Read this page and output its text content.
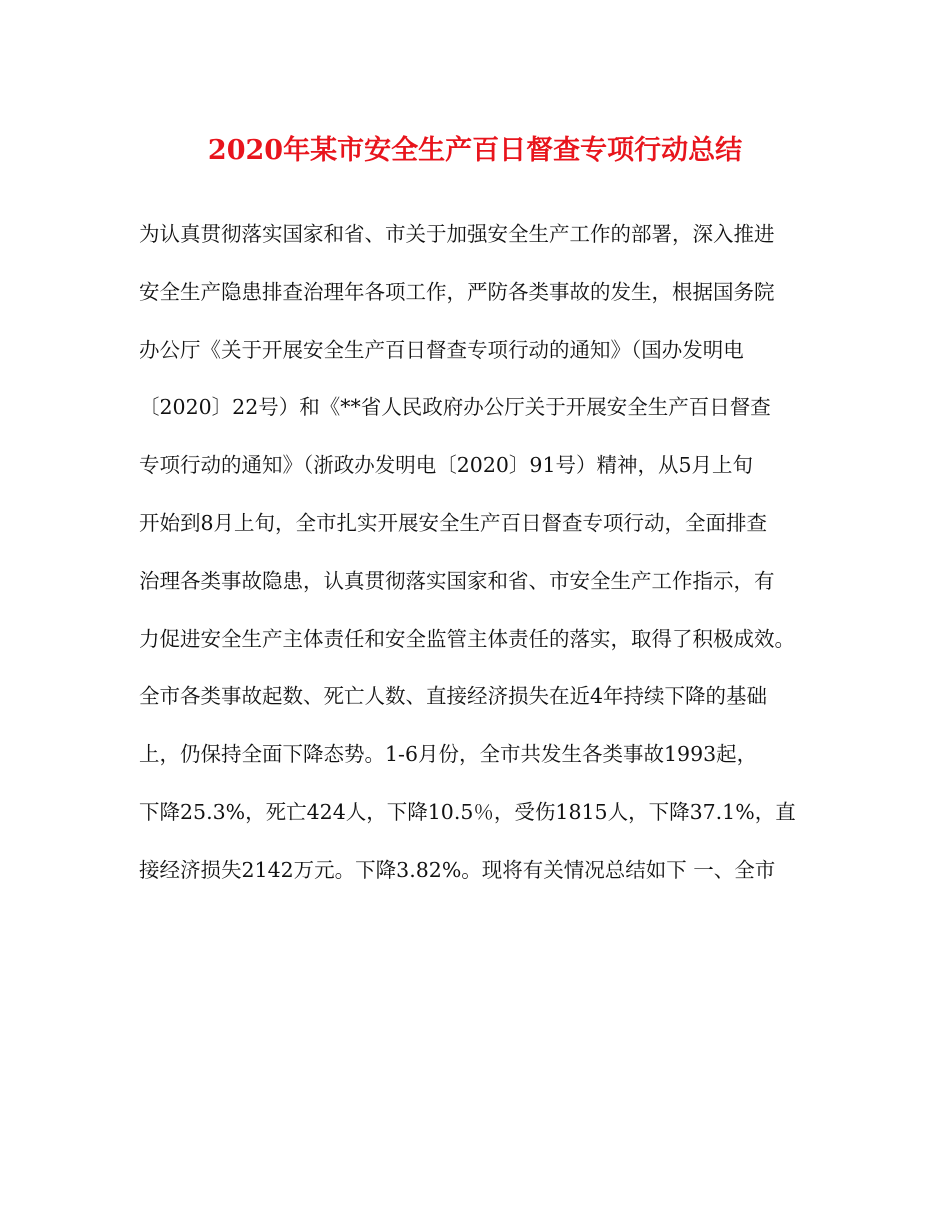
2020年某市安全生产百日督查专项行动总结
为认真贯彻落实国家和省、市关于加强安全生产工作的部署，深入推进
安全生产隐患排查治理年各项工作，严防各类事故的发生，根据国务院
办公厅《关于开展安全生产百日督查专项行动的通知》（国办发明电
〔2020〕22号）和《**省人民政府办公厅关于开展安全生产百日督查
专项行动的通知》（浙政办发明电〔2020〕91号）精神，从5月上旬
开始到8月上旬，全市扎实开展安全生产百日督查专项行动，全面排查
治理各类事故隐患，认真贯彻落实国家和省、市安全生产工作指示，有
力促进安全生产主体责任和安全监管主体责任的落实，取得了积极成效。
全市各类事故起数、死亡人数、直接经济损失在近4年持续下降的基础
上，仍保持全面下降态势。1-6月份，全市共发生各类事故1993起，
下降25.3%，死亡424人，下降10.5％，受伤1815人，下降37.1%，直
接经济损失2142万元。下降3.82%。现将有关情况总结如下 一、全市
